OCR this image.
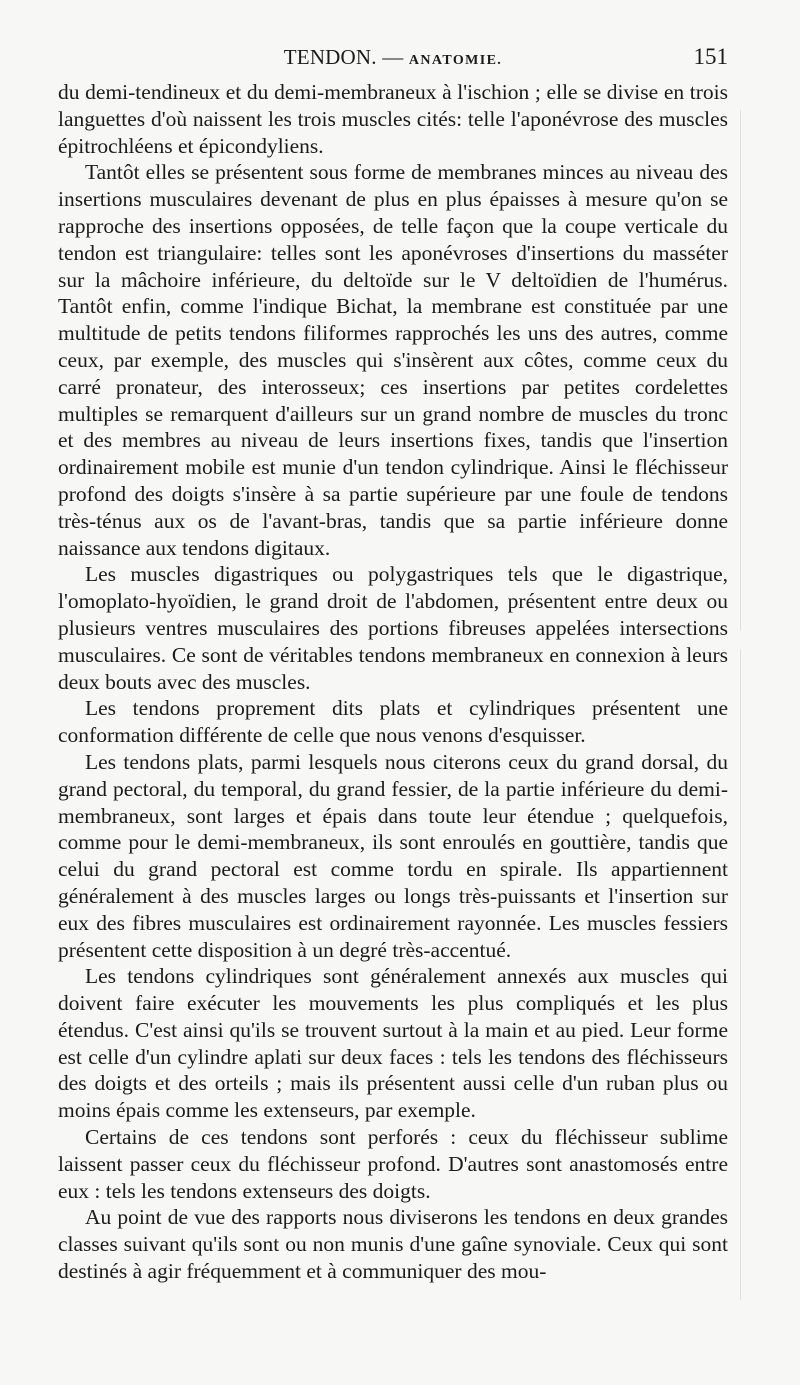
TENDON. — ANATOMIE.	151

du demi-tendineux et du demi-membraneux à l'ischion ; elle se divise en trois languettes d'où naissent les trois muscles cités: telle l'aponévrose des muscles épitrochléens et épicondyliens.

Tantôt elles se présentent sous forme de membranes minces au niveau des insertions musculaires devenant de plus en plus épaisses à mesure qu'on se rapproche des insertions opposées, de telle façon que la coupe verticale du tendon est triangulaire: telles sont les aponévroses d'insertions du masséter sur la mâchoire inférieure, du deltoïde sur le V deltoïdien de l'humérus. Tantôt enfin, comme l'indique Bichat, la membrane est constituée par une multitude de petits tendons filiformes rapprochés les uns des autres, comme ceux, par exemple, des muscles qui s'insèrent aux côtes, comme ceux du carré pronateur, des interosseux; ces insertions par petites cordelettes multiples se remarquent d'ailleurs sur un grand nombre de muscles du tronc et des membres au niveau de leurs insertions fixes, tandis que l'insertion ordinairement mobile est munie d'un tendon cylindrique. Ainsi le fléchisseur profond des doigts s'insère à sa partie supérieure par une foule de tendons très-ténus aux os de l'avant-bras, tandis que sa partie inférieure donne naissance aux tendons digitaux.

Les muscles digastriques ou polygastriques tels que le digastrique, l'omoplato-hyoïdien, le grand droit de l'abdomen, présentent entre deux ou plusieurs ventres musculaires des portions fibreuses appelées intersections musculaires. Ce sont de véritables tendons membraneux en connexion à leurs deux bouts avec des muscles.

Les tendons proprement dits plats et cylindriques présentent une conformation différente de celle que nous venons d'esquisser.

Les tendons plats, parmi lesquels nous citerons ceux du grand dorsal, du grand pectoral, du temporal, du grand fessier, de la partie inférieure du demi-membraneux, sont larges et épais dans toute leur étendue ; quelquefois, comme pour le demi-membraneux, ils sont enroulés en gouttière, tandis que celui du grand pectoral est comme tordu en spirale. Ils appartiennent généralement à des muscles larges ou longs très-puissants et l'insertion sur eux des fibres musculaires est ordinairement rayonnée. Les muscles fessiers présentent cette disposition à un degré très-accentué.

Les tendons cylindriques sont généralement annexés aux muscles qui doivent faire exécuter les mouvements les plus compliqués et les plus étendus. C'est ainsi qu'ils se trouvent surtout à la main et au pied. Leur forme est celle d'un cylindre aplati sur deux faces : tels les tendons des fléchisseurs des doigts et des orteils ; mais ils présentent aussi celle d'un ruban plus ou moins épais comme les extenseurs, par exemple.

Certains de ces tendons sont perforés : ceux du fléchisseur sublime laissent passer ceux du fléchisseur profond. D'autres sont anastomosés entre eux : tels les tendons extenseurs des doigts.

Au point de vue des rapports nous diviserons les tendons en deux grandes classes suivant qu'ils sont ou non munis d'une gaîne synoviale. Ceux qui sont destinés à agir fréquemment et à communiquer des mou-
